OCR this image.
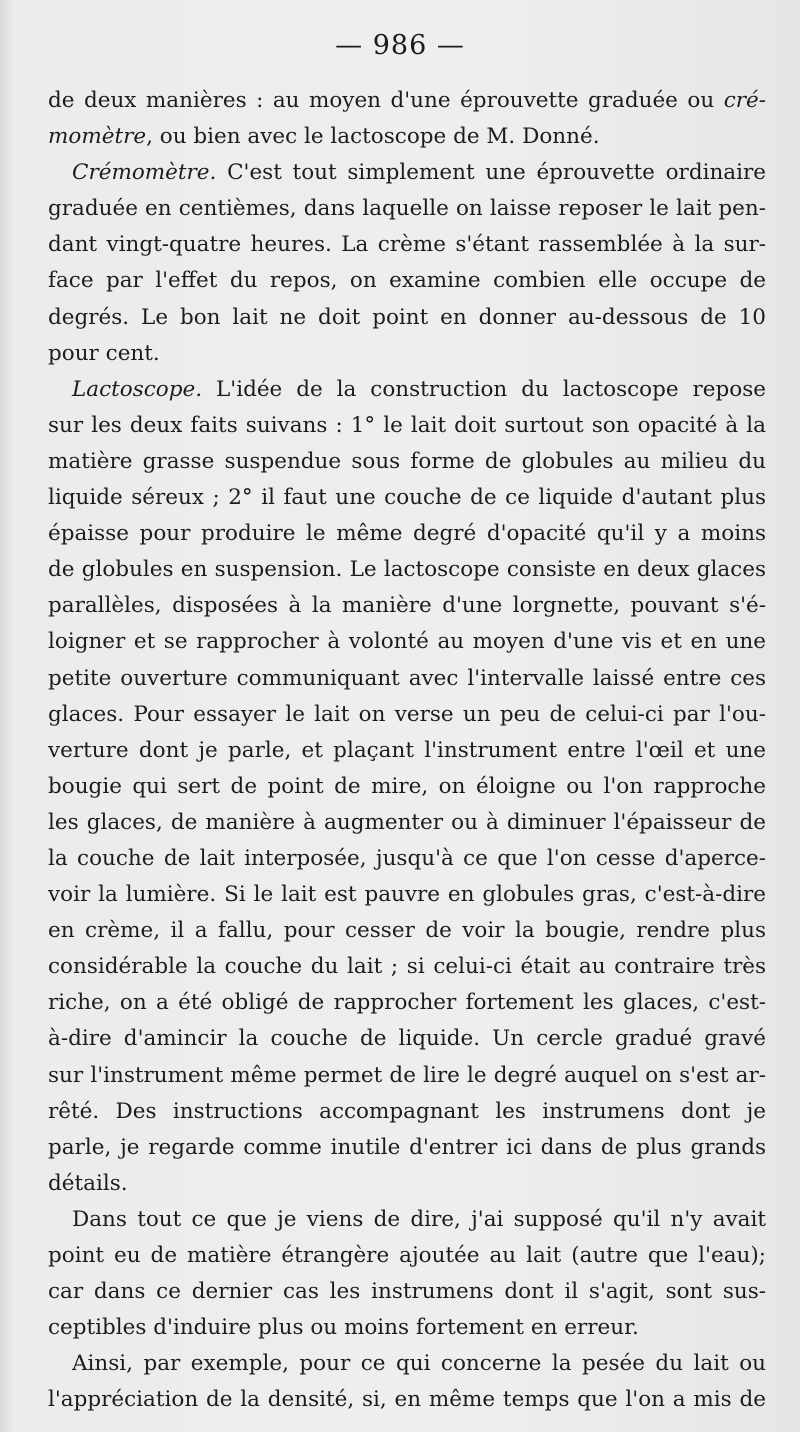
— 986 —
de deux manières : au moyen d'une éprouvette graduée ou cré-
momètre, ou bien avec le lactoscope de M. Donné.
Crémomètre. C'est tout simplement une éprouvette ordinaire
graduée en centièmes, dans laquelle on laisse reposer le lait pen-
dant vingt-quatre heures. La crème s'étant rassemblée à la sur-
face par l'effet du repos, on examine combien elle occupe de
degrés. Le bon lait ne doit point en donner au-dessous de 10
pour cent.
Lactoscope. L'idée de la construction du lactoscope repose
sur les deux faits suivans : 1° le lait doit surtout son opacité à la
matière grasse suspendue sous forme de globules au milieu du
liquide séreux ; 2° il faut une couche de ce liquide d'autant plus
épaisse pour produire le même degré d'opacité qu'il y a moins
de globules en suspension. Le lactoscope consiste en deux glaces
parallèles, disposées à la manière d'une lorgnette, pouvant s'é-
loigner et se rapprocher à volonté au moyen d'une vis et en une
petite ouverture communiquant avec l'intervalle laissé entre ces
glaces. Pour essayer le lait on verse un peu de celui-ci par l'ou-
verture dont je parle, et plaçant l'instrument entre l'œil et une
bougie qui sert de point de mire, on éloigne ou l'on rapproche
les glaces, de manière à augmenter ou à diminuer l'épaisseur de
la couche de lait interposée, jusqu'à ce que l'on cesse d'aperce-
voir la lumière. Si le lait est pauvre en globules gras, c'est-à-dire
en crème, il a fallu, pour cesser de voir la bougie, rendre plus
considérable la couche du lait ; si celui-ci était au contraire très
riche, on a été obligé de rapprocher fortement les glaces, c'est-
à-dire d'amincir la couche de liquide. Un cercle gradué gravé
sur l'instrument même permet de lire le degré auquel on s'est ar-
rêté. Des instructions accompagnant les instrumens dont je
parle, je regarde comme inutile d'entrer ici dans de plus grands
détails.
Dans tout ce que je viens de dire, j'ai supposé qu'il n'y avait
point eu de matière étrangère ajoutée au lait (autre que l'eau);
car dans ce dernier cas les instrumens dont il s'agit, sont sus-
ceptibles d'induire plus ou moins fortement en erreur.
Ainsi, par exemple, pour ce qui concerne la pesée du lait ou
l'appréciation de la densité, si, en même temps que l'on a mis de
